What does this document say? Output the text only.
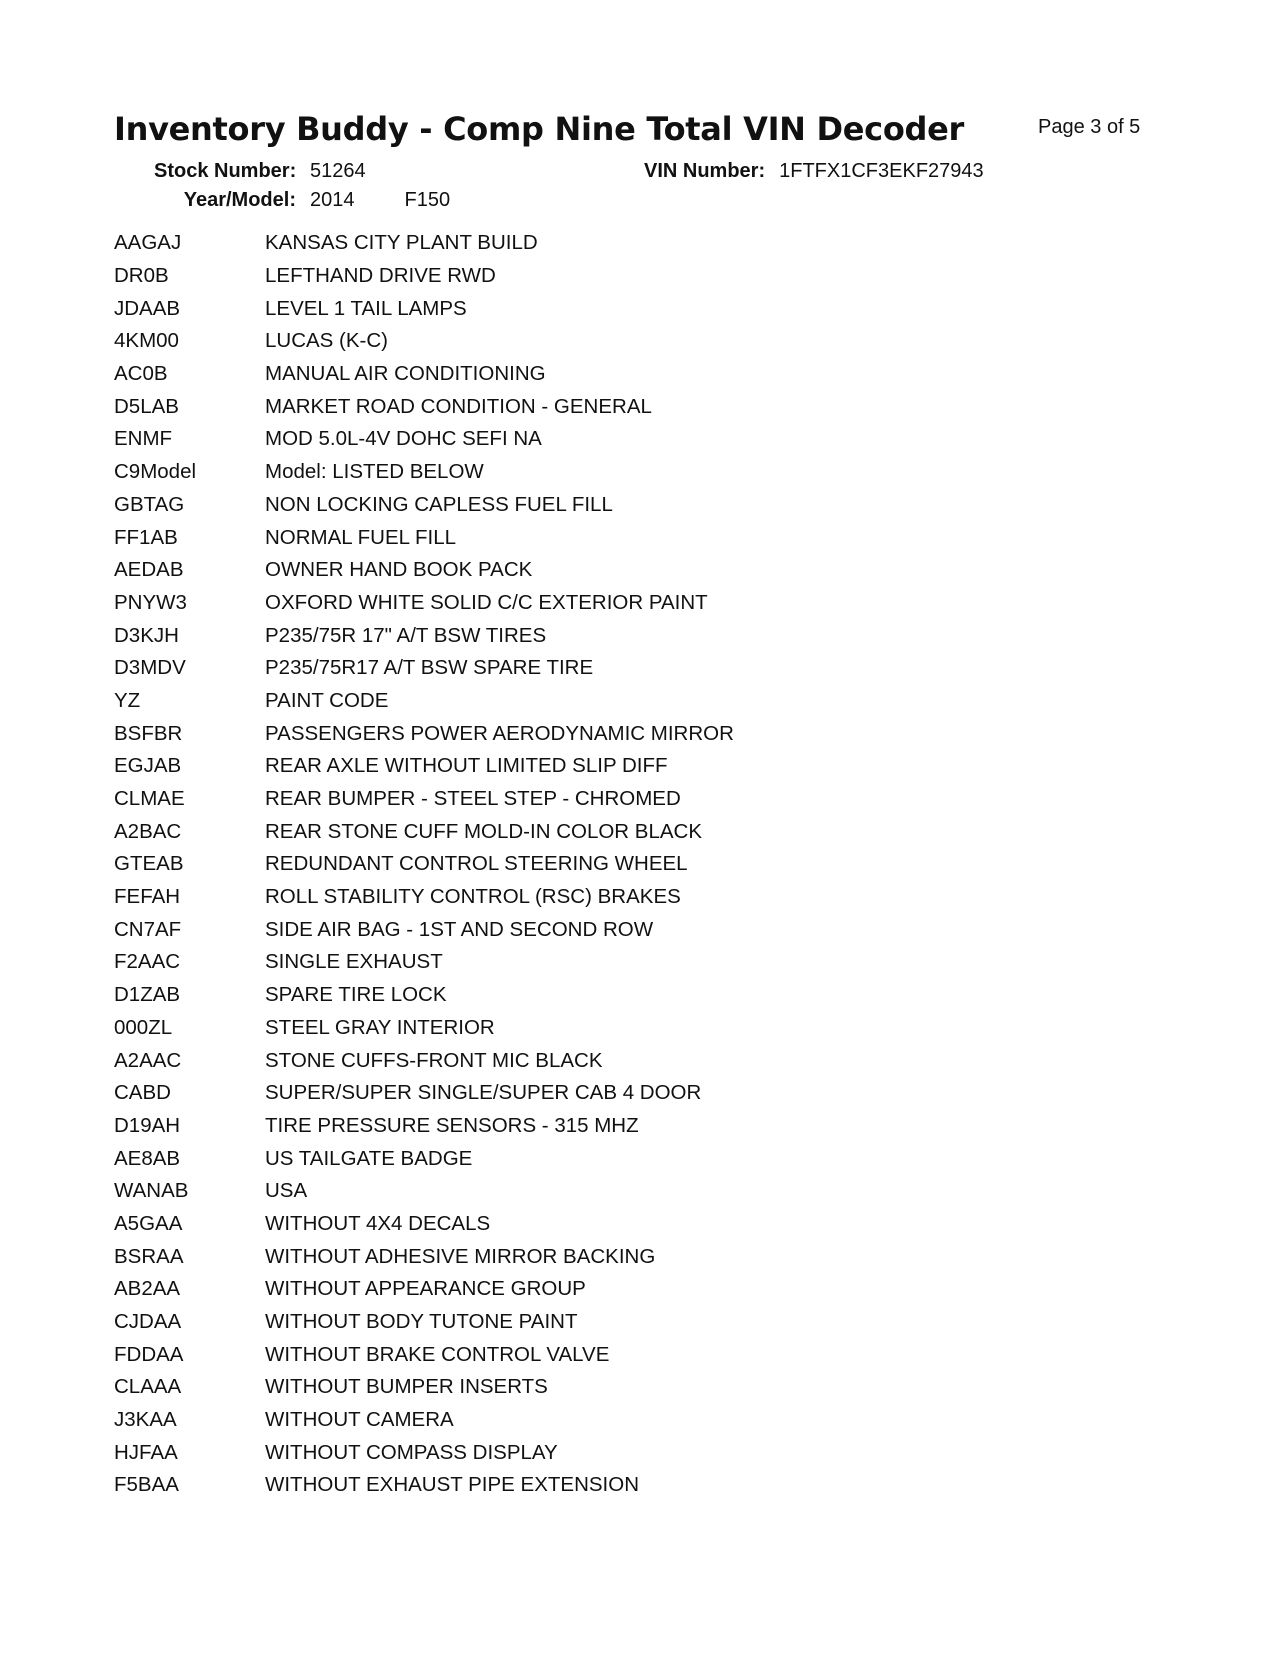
Inventory Buddy - Comp Nine Total VIN Decoder	Page 3 of 5
Stock Number: 51264	VIN Number: 1FTFX1CF3EKF27943
Year/Model: 2014	F150
AAGAJ	KANSAS CITY PLANT BUILD
DR0B	LEFTHAND DRIVE RWD
JDAAB	LEVEL 1 TAIL LAMPS
4KM00	LUCAS (K-C)
AC0B	MANUAL AIR CONDITIONING
D5LAB	MARKET ROAD CONDITION - GENERAL
ENMF	MOD 5.0L-4V DOHC SEFI NA
C9Model	Model: LISTED BELOW
GBTAG	NON LOCKING CAPLESS FUEL FILL
FF1AB	NORMAL FUEL FILL
AEDAB	OWNER HAND BOOK PACK
PNYW3	OXFORD WHITE SOLID C/C EXTERIOR PAINT
D3KJH	P235/75R 17" A/T BSW TIRES
D3MDV	P235/75R17 A/T BSW SPARE TIRE
YZ	PAINT CODE
BSFBR	PASSENGERS POWER AERODYNAMIC MIRROR
EGJAB	REAR AXLE WITHOUT LIMITED SLIP DIFF
CLMAE	REAR BUMPER - STEEL STEP - CHROMED
A2BAC	REAR STONE CUFF MOLD-IN COLOR BLACK
GTEAB	REDUNDANT CONTROL STEERING WHEEL
FEFAH	ROLL STABILITY CONTROL (RSC) BRAKES
CN7AF	SIDE AIR BAG - 1ST AND SECOND ROW
F2AAC	SINGLE EXHAUST
D1ZAB	SPARE TIRE LOCK
000ZL	STEEL GRAY INTERIOR
A2AAC	STONE CUFFS-FRONT MIC BLACK
CABD	SUPER/SUPER SINGLE/SUPER CAB 4 DOOR
D19AH	TIRE PRESSURE SENSORS - 315 MHZ
AE8AB	US TAILGATE BADGE
WANAB	USA
A5GAA	WITHOUT 4X4 DECALS
BSRAA	WITHOUT ADHESIVE MIRROR BACKING
AB2AA	WITHOUT APPEARANCE GROUP
CJDAA	WITHOUT BODY TUTONE PAINT
FDDAA	WITHOUT BRAKE CONTROL VALVE
CLAAA	WITHOUT BUMPER INSERTS
J3KAA	WITHOUT CAMERA
HJFAA	WITHOUT COMPASS DISPLAY
F5BAA	WITHOUT EXHAUST PIPE EXTENSION
